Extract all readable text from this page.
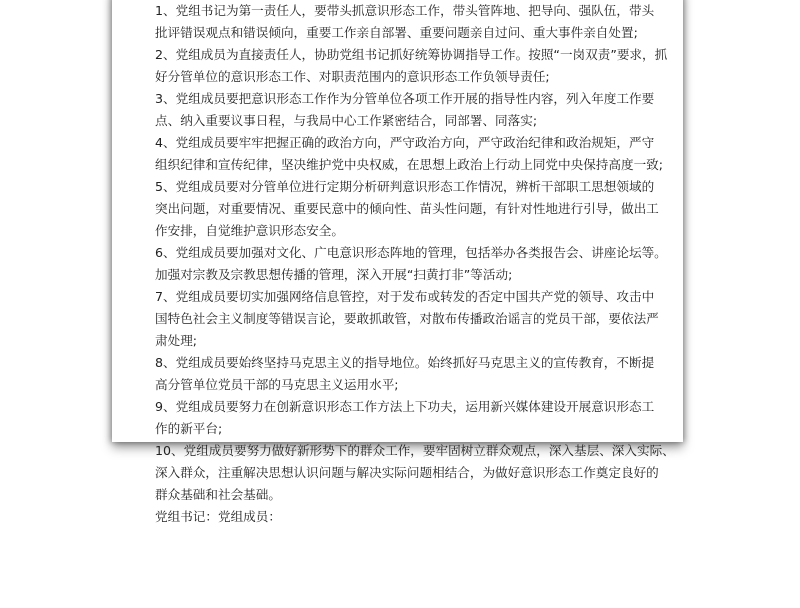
1、党组书记为第一责任人，要带头抓意识形态工作，带头管阵地、把导向、强队伍，带头
批评错误观点和错误倾向，重要工作亲自部署、重要问题亲自过问、重大事件亲自处置;
2、党组成员为直接责任人，协助党组书记抓好统筹协调指导工作。按照“一岗双责”要求，抓
好分管单位的意识形态工作、对职责范围内的意识形态工作负领导责任;
3、党组成员要把意识形态工作作为分管单位各项工作开展的指导性内容，列入年度工作要
点、纳入重要议事日程，与我局中心工作紧密结合，同部署、同落实;
4、党组成员要牢牢把握正确的政治方向，严守政治方向，严守政治纪律和政治规矩，严守
组织纪律和宣传纪律，坚决维护党中央权威，在思想上政治上行动上同党中央保持高度一致;
5、党组成员要对分管单位进行定期分析研判意识形态工作情况，辨析干部职工思想领域的
突出问题，对重要情况、重要民意中的倾向性、苗头性问题，有针对性地进行引导，做出工
作安排，自觉维护意识形态安全。
6、党组成员要加强对文化、广电意识形态阵地的管理，包括举办各类报告会、讲座论坛等。
加强对宗教及宗教思想传播的管理，深入开展“扫黄打非”等活动;
7、党组成员要切实加强网络信息管控，对于发布或转发的否定中国共产党的领导、攻击中
国特色社会主义制度等错误言论，要敢抓敢管，对散布传播政治谣言的党员干部，要依法严
肃处理;
8、党组成员要始终坚持马克思主义的指导地位。始终抓好马克思主义的宣传教育，不断提
高分管单位党员干部的马克思主义运用水平;
9、党组成员要努力在创新意识形态工作方法上下功夫，运用新兴媒体建设开展意识形态工
作的新平台;
10、党组成员要努力做好新形势下的群众工作，要牢固树立群众观点，深入基层、深入实际、
深入群众，注重解决思想认识问题与解决实际问题相结合，为做好意识形态工作奠定良好的
群众基础和社会基础。
党组书记：党组成员：
